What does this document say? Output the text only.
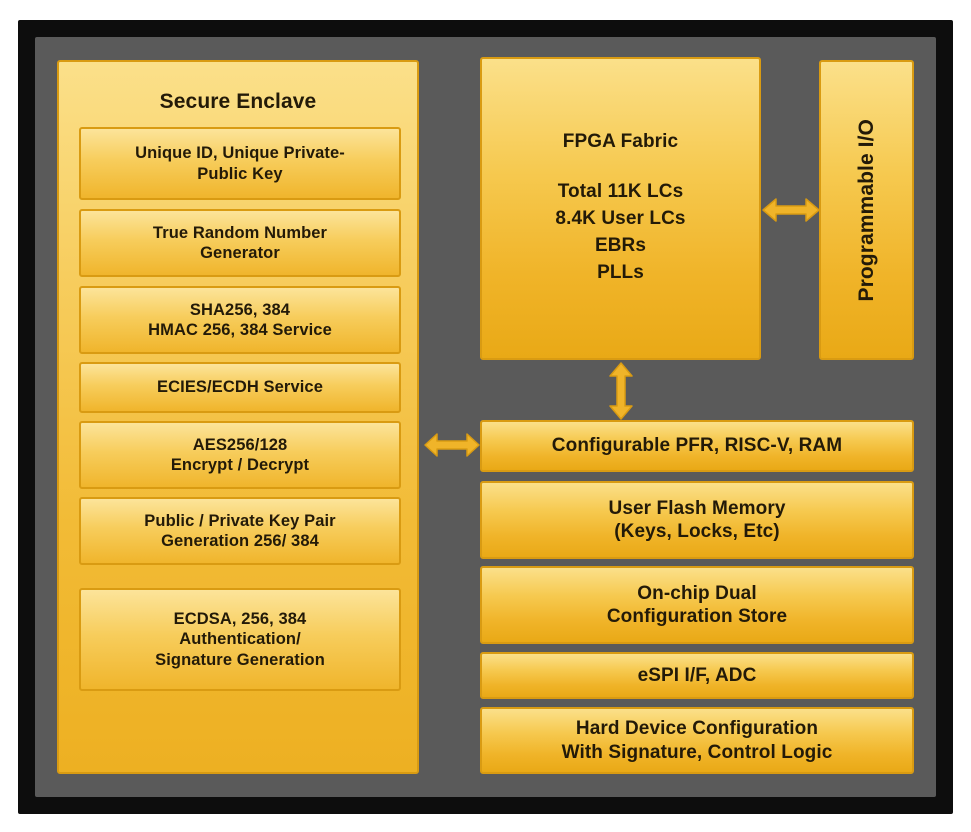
Secure Enclave
Unique ID, Unique Private-
Public Key
True Random Number
Generator
SHA256, 384
HMAC 256, 384 Service
ECIES/ECDH Service
AES256/128
Encrypt / Decrypt
Public / Private Key Pair
Generation 256/ 384
ECDSA, 256, 384
Authentication/
Signature Generation
FPGA Fabric
Total 11K LCs
8.4K User LCs
EBRs
PLLs	Programmable I/O
Configurable PFR, RISC-V, RAM
User Flash Memory
(Keys, Locks, Etc)
On-chip Dual
Configuration Store
eSPI I/F, ADC
Hard Device Configuration
With Signature, Control Logic
